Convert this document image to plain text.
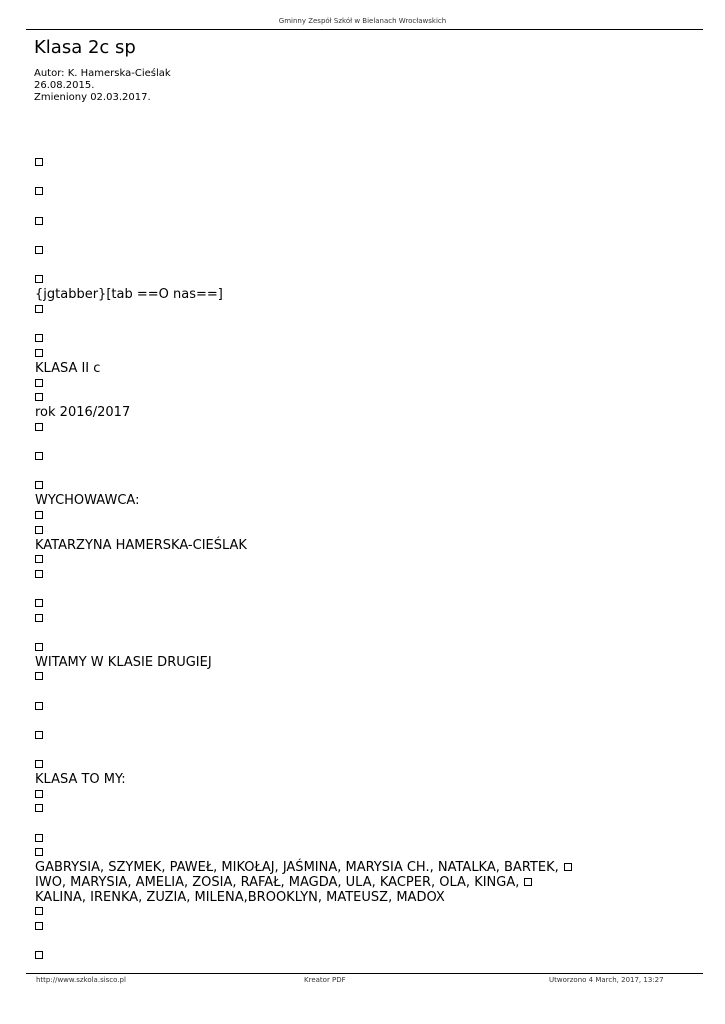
Gminny Zespół Szkół w Bielanach Wrocławskich
Klasa 2c sp
Autor: K. Hamerska-Cieślak
26.08.2015.
Zmieniony 02.03.2017.
{jgtabber}[tab ==O nas==]
KLASA II c
rok 2016/2017
WYCHOWAWCA:
KATARZYNA HAMERSKA-CIEŚLAK
WITAMY W KLASIE DRUGIEJ
KLASA TO MY:
GABRYSIA, SZYMEK, PAWEŁ, MIKOŁAJ, JAŚMINA, MARYSIA CH., NATALKA, BARTEK,
IWO, MARYSIA, AMELIA, ZOSIA, RAFAŁ, MAGDA, ULA, KACPER, OLA, KINGA,
KALINA, IRENKA, ZUZIA, MILENA,BROOKLYN, MATEUSZ, MADOX
http://www.szkola.sisco.pl	Kreator PDF	Utworzono 4 March, 2017, 13:27
